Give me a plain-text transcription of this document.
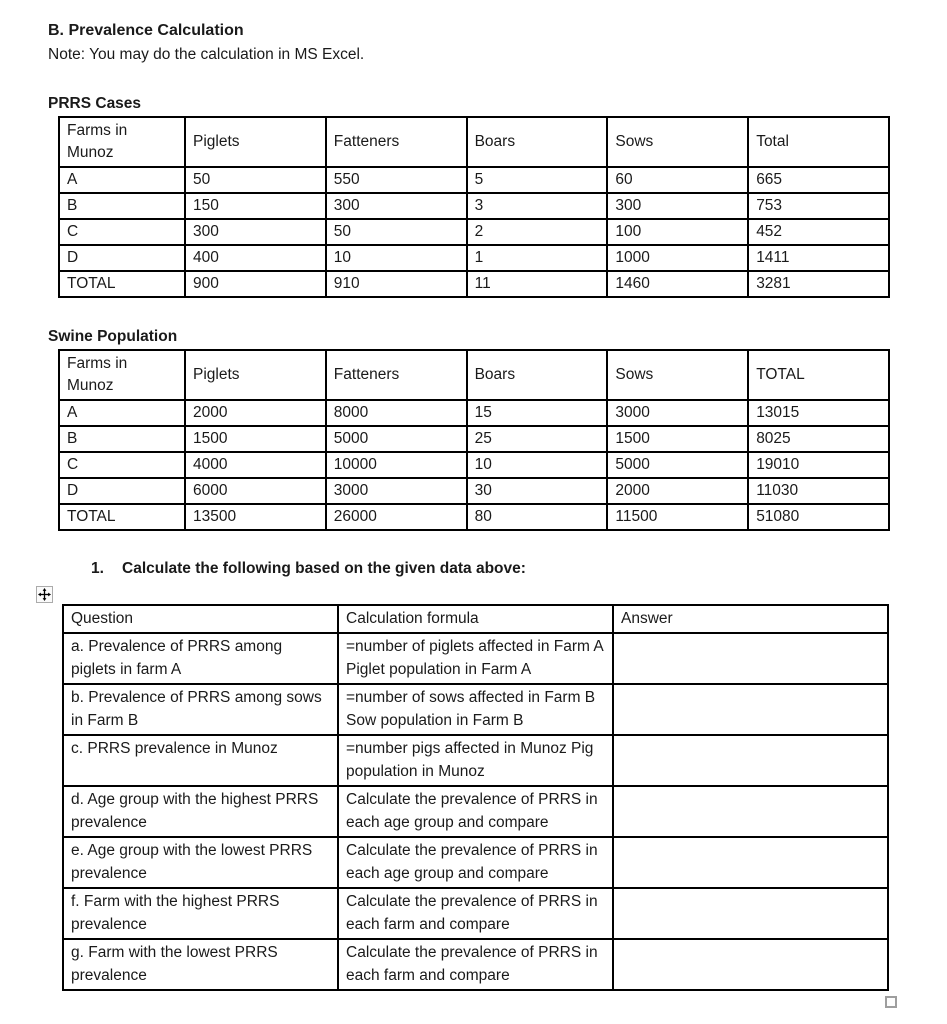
B. Prevalence Calculation
Note: You may do the calculation in MS Excel.
PRRS Cases
Farms in Munoz	Piglets	Fatteners	Boars	Sows	Total
A	50	550	5	60	665
B	150	300	3	300	753
C	300	50	2	100	452
D	400	10	1	1000	1411
TOTAL	900	910	11	1460	3281
Swine Population
Farms in Munoz	Piglets	Fatteners	Boars	Sows	TOTAL
A	2000	8000	15	3000	13015
B	1500	5000	25	1500	8025
C	4000	10000	10	5000	19010
D	6000	3000	30	2000	11030
TOTAL	13500	26000	80	11500	51080

1. Calculate the following based on the given data above:

Question	Calculation formula	Answer
a. Prevalence of PRRS among piglets in farm A	=number of piglets affected in Farm A Piglet population in Farm A	
b. Prevalence of PRRS among sows in Farm B	=number of sows affected in Farm B Sow population in Farm B	
c. PRRS prevalence in Munoz	=number pigs affected in Munoz Pig population in Munoz	
d. Age group with the highest PRRS prevalence	Calculate the prevalence of PRRS in each age group and compare	
e. Age group with the lowest PRRS prevalence	Calculate the prevalence of PRRS in each age group and compare	
f. Farm with the highest PRRS prevalence	Calculate the prevalence of PRRS in each farm and compare	
g. Farm with the lowest PRRS prevalence	Calculate the prevalence of PRRS in each farm and compare	
